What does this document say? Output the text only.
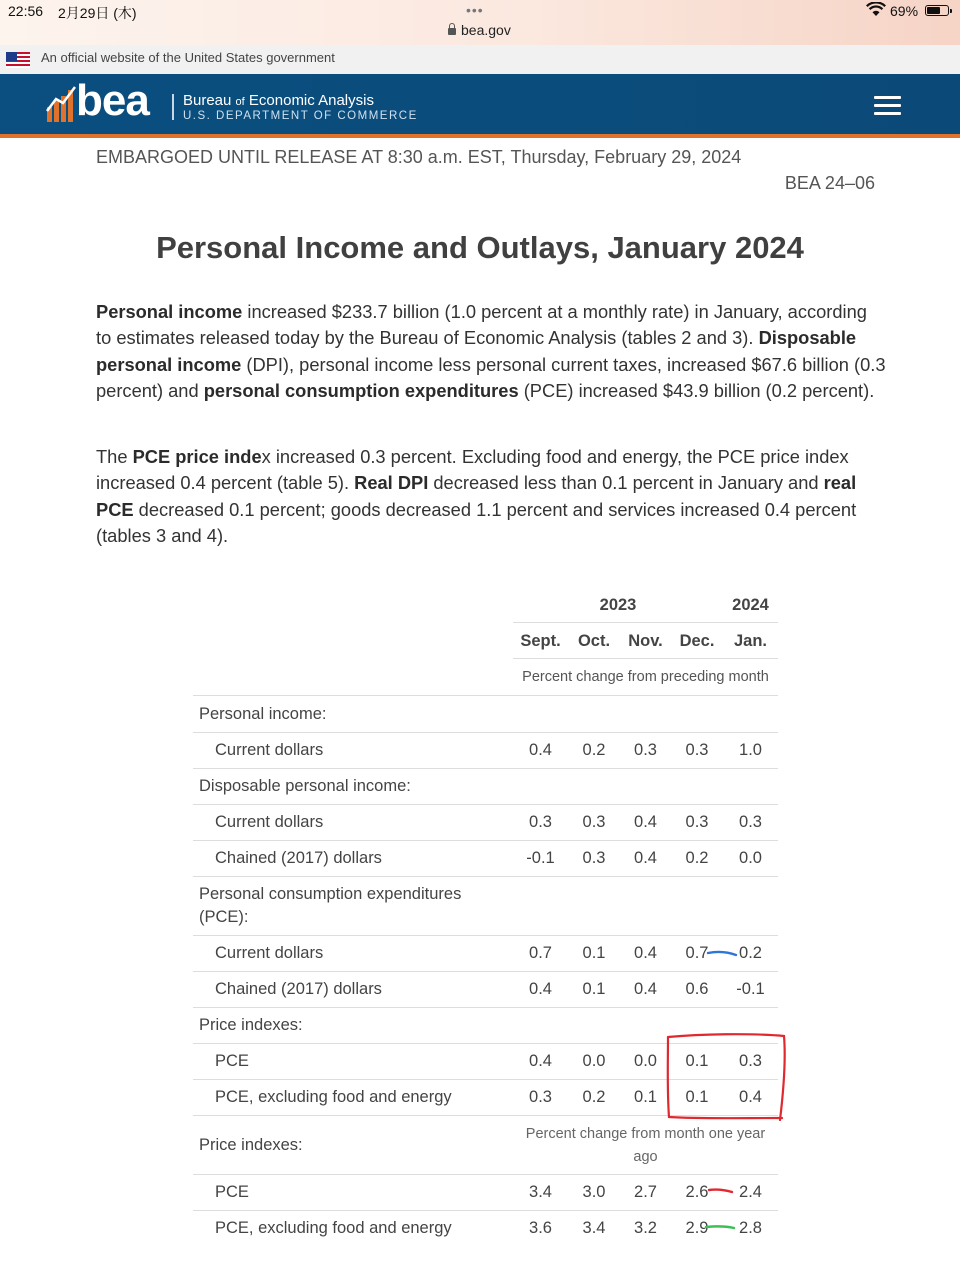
22:56 2月29日 (木)	•••
bea.gov
69%
An official website of the United States government
bea Bureau of Economic Analysis
U.S. DEPARTMENT OF COMMERCE
EMBARGOED UNTIL RELEASE AT 8:30 a.m. EST, Thursday, February 29, 2024
BEA 24–06
Personal Income and Outlays, January 2024

Personal income increased $233.7 billion (1.0 percent at a monthly rate) in January, according to estimates released today by the Bureau of Economic Analysis (tables 2 and 3). Disposable personal income (DPI), personal income less personal current taxes, increased $67.6 billion (0.3 percent) and personal consumption expenditures (PCE) increased $43.9 billion (0.2 percent).

The PCE price index increased 0.3 percent. Excluding food and energy, the PCE price index increased 0.4 percent (table 5). Real DPI decreased less than 0.1 percent in January and real PCE decreased 0.1 percent; goods decreased 1.1 percent and services increased 0.4 percent (tables 3 and 4).

2023	2024
Sept.	Oct.	Nov.	Dec.	Jan.
Percent change from preceding month
Personal income:
Current dollars	0.4	0.2	0.3	0.3	1.0
Disposable personal income:
Current dollars	0.3	0.3	0.4	0.3	0.3
Chained (2017) dollars	-0.1	0.3	0.4	0.2	0.0
Personal consumption expenditures (PCE):
Current dollars	0.7	0.1	0.4	0.7	0.2
Chained (2017) dollars	0.4	0.1	0.4	0.6	-0.1
Price indexes:
PCE	0.4	0.0	0.0	0.1	0.3
PCE, excluding food and energy	0.3	0.2	0.1	0.1	0.4
Price indexes:
Percent change from month one year ago
PCE	3.4	3.0	2.7	2.6	2.4
PCE, excluding food and energy	3.6	3.4	3.2	2.9	2.8
